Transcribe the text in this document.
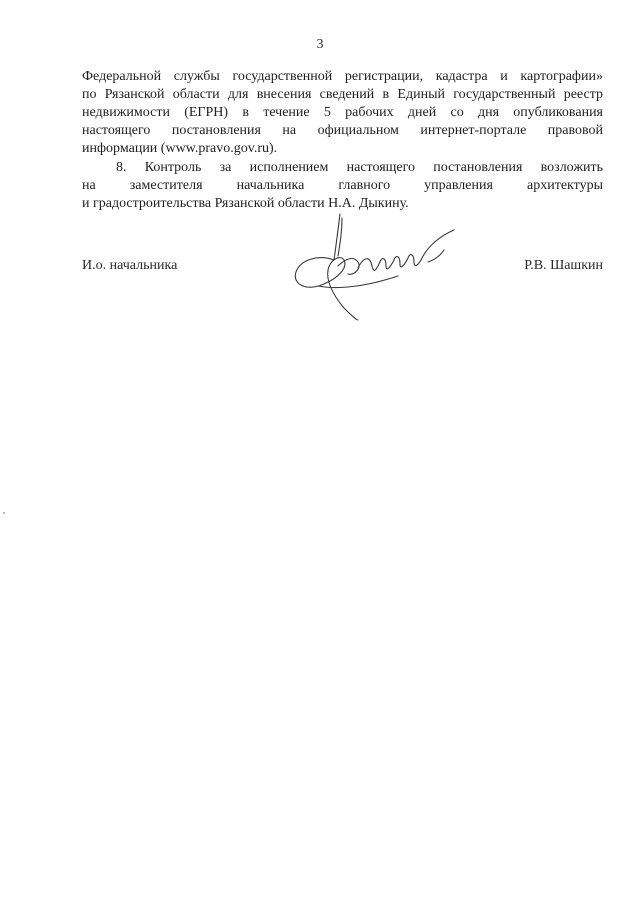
3
Федеральной службы государственной регистрации, кадастра и картографии»
по Рязанской области для внесения сведений в Единый государственный реестр
недвижимости (ЕГРН) в течение 5 рабочих дней со дня опубликования
настоящего постановления на официальном интернет-портале правовой
информации (www.pravo.gov.ru).
8. Контроль за исполнением настоящего постановления возложить
на заместителя начальника главного управления архитектуры
и градостроительства Рязанской области Н.А. Дыкину.
И.о. начальника	Р.В. Шашкин
